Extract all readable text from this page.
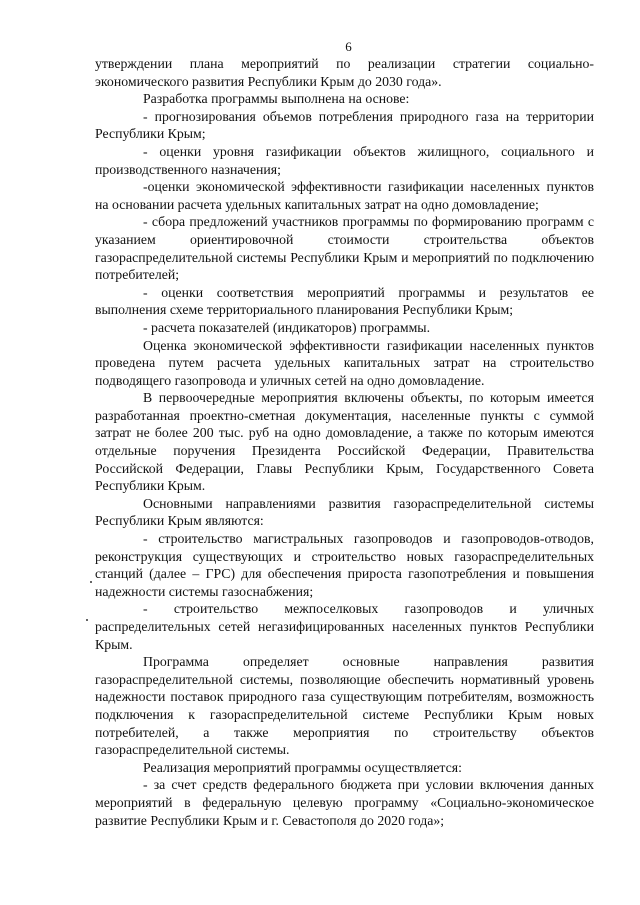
6

утверждении плана мероприятий по реализации стратегии социально-экономического развития Республики Крым до 2030 года».

Разработка программы выполнена на основе:

- прогнозирования объемов потребления природного газа на территории Республики Крым;

- оценки уровня газификации объектов жилищного, социального и производственного назначения;

-оценки экономической эффективности газификации населенных пунктов на основании расчета удельных капитальных затрат на одно домовладение;

- сбора предложений участников программы по формированию программ с указанием ориентировочной стоимости строительства объектов газораспределительной системы Республики Крым и мероприятий по подключению потребителей;

- оценки соответствия мероприятий программы и результатов ее выполнения схеме территориального планирования Республики Крым;

- расчета показателей (индикаторов) программы.

Оценка экономической эффективности газификации населенных пунктов проведена путем расчета удельных капитальных затрат на строительство подводящего газопровода и уличных сетей на одно домовладение.

В первоочередные мероприятия включены объекты, по которым имеется разработанная проектно-сметная документация, населенные пункты с суммой затрат не более 200 тыс. руб на одно домовладение, а также по которым имеются отдельные поручения Президента Российской Федерации, Правительства Российской Федерации, Главы Республики Крым, Государственного Совета Республики Крым.

Основными направлениями развития газораспределительной системы Республики Крым являются:

- строительство магистральных газопроводов и газопроводов-отводов, реконструкция существующих и строительство новых газораспределительных станций (далее – ГРС) для обеспечения прироста газопотребления и повышения надежности системы газоснабжения;

- строительство межпоселковых газопроводов и уличных распределительных сетей негазифицированных населенных пунктов Республики Крым.

Программа определяет основные направления развития газораспределительной системы, позволяющие обеспечить нормативный уровень надежности поставок природного газа существующим потребителям, возможность подключения к газораспределительной системе Республики Крым новых потребителей, а также мероприятия по строительству объектов газораспределительной системы.

Реализация мероприятий программы осуществляется:

- за счет средств федерального бюджета при условии включения данных мероприятий в федеральную целевую программу «Социально-экономическое развитие Республики Крым и г. Севастополя до 2020 года»;
